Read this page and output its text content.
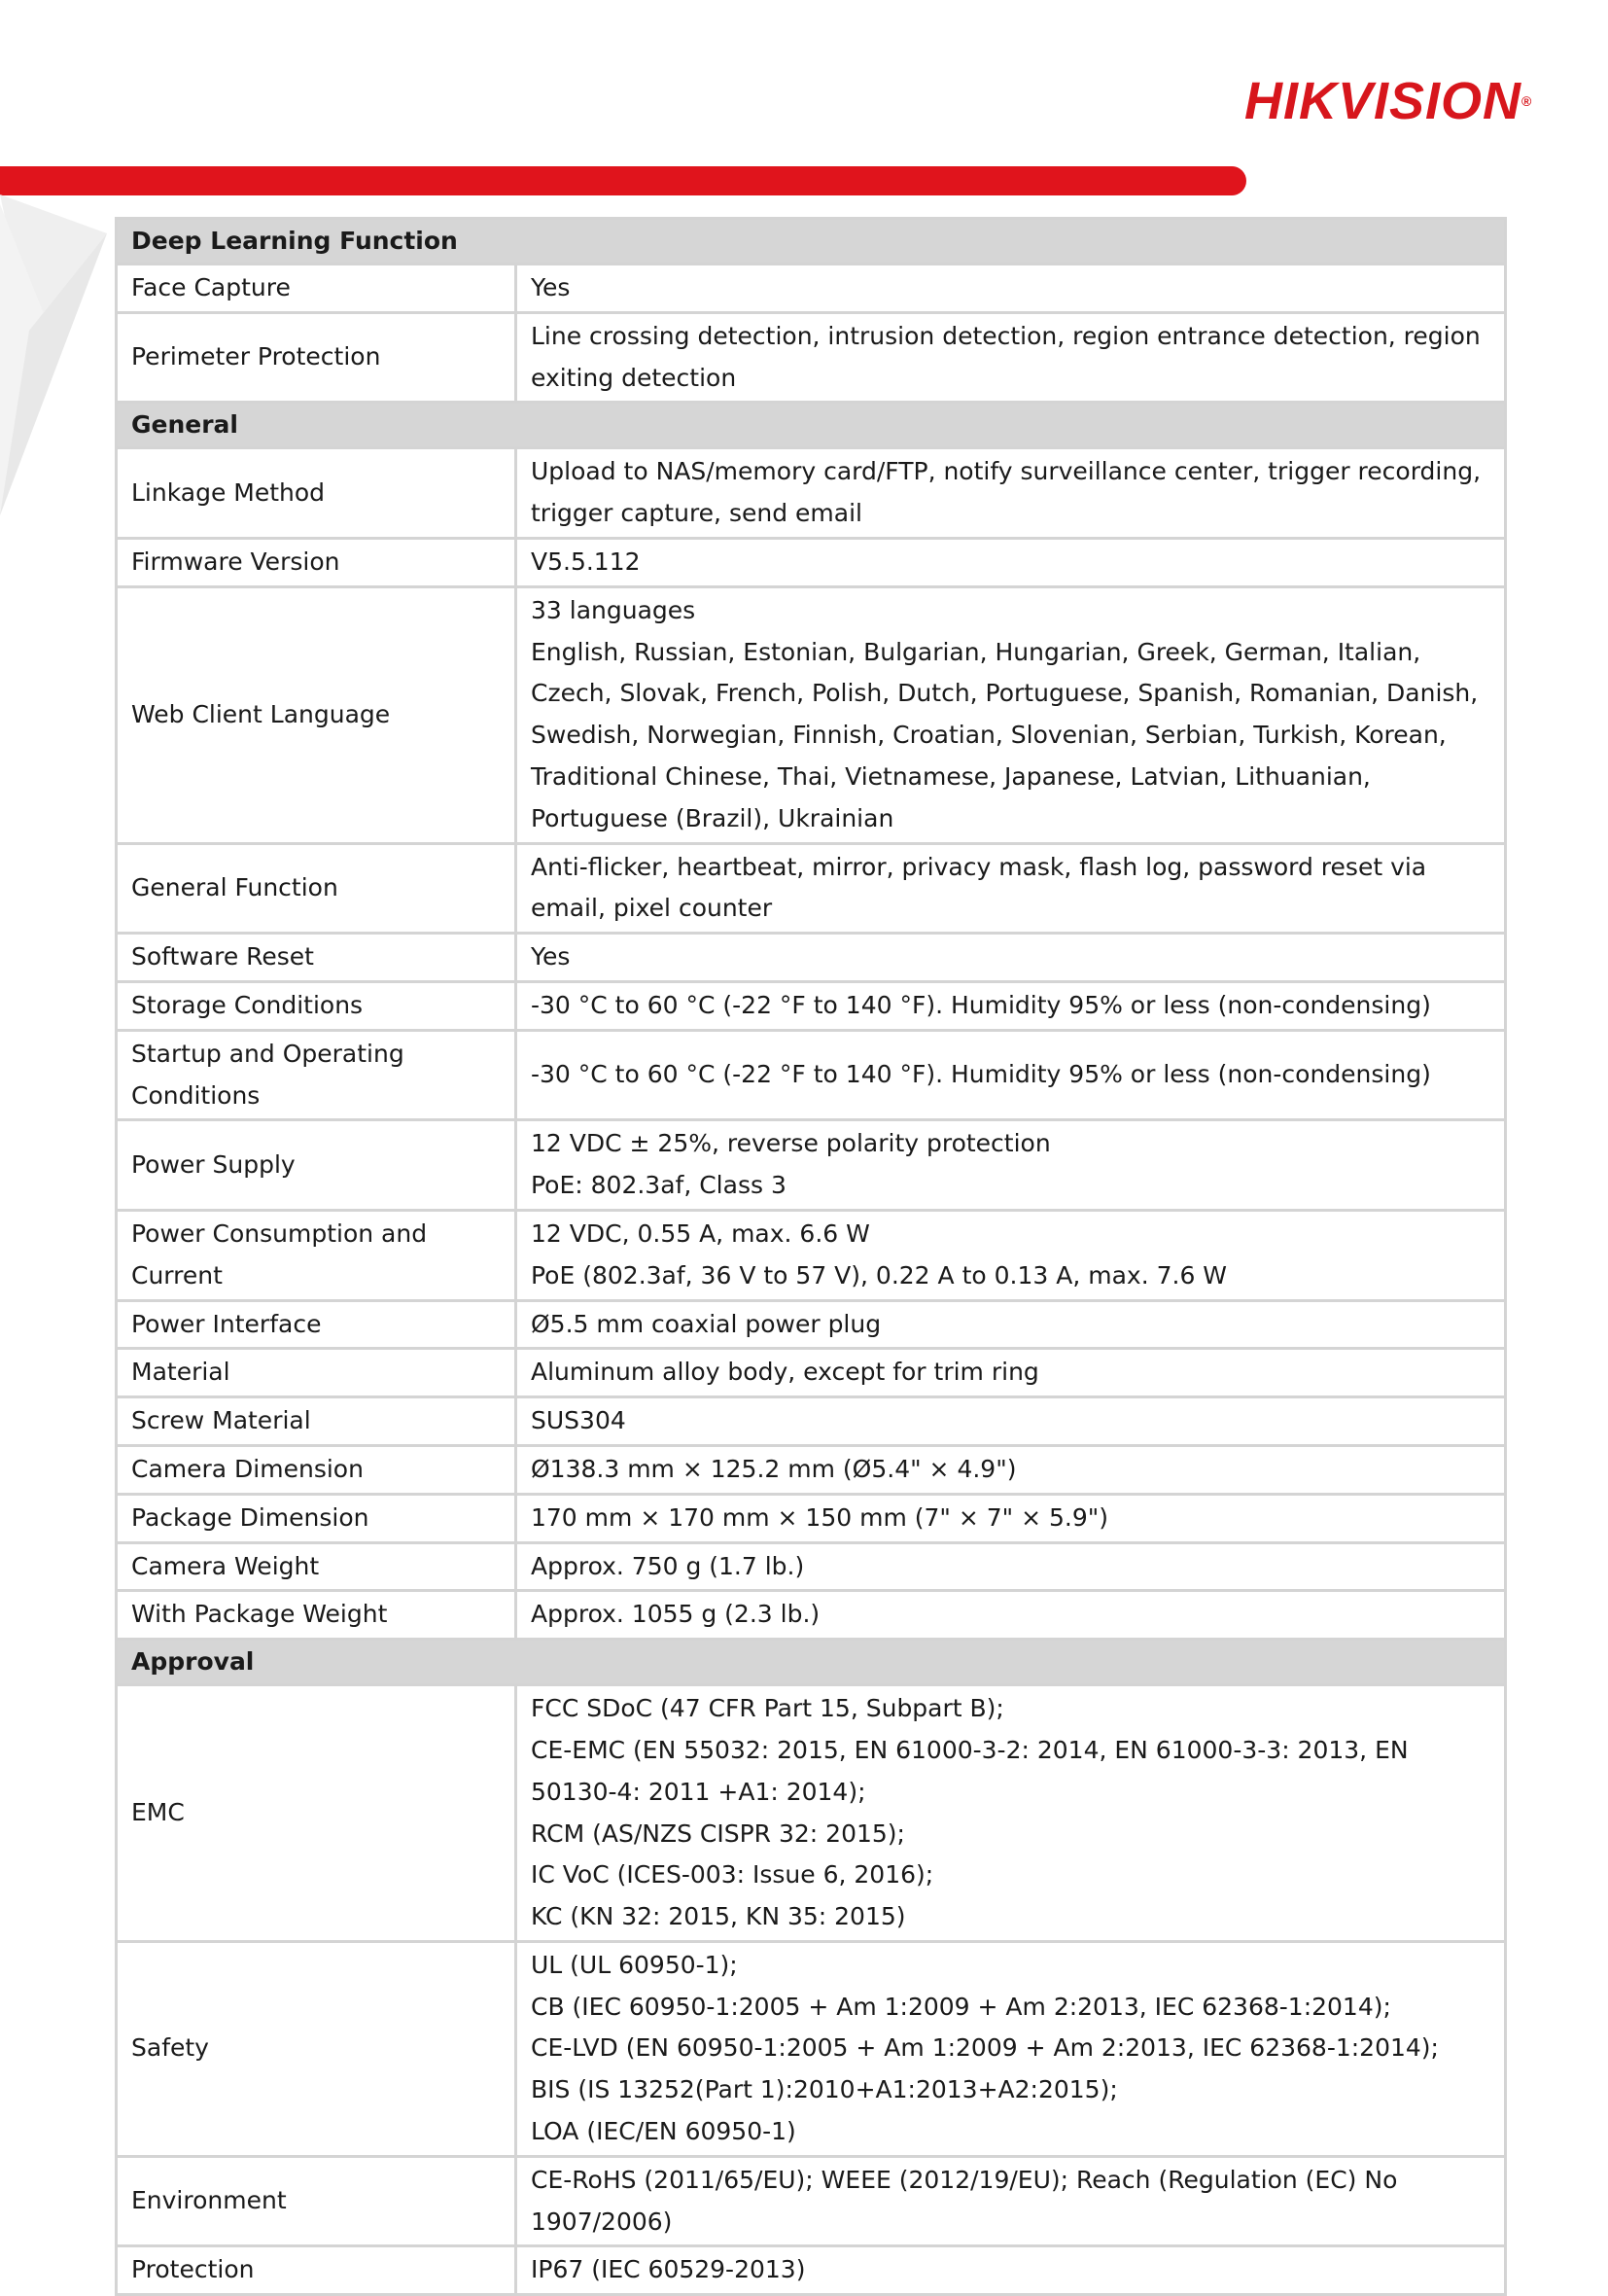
HIKVISION®
Deep Learning Function	
Face Capture	Yes

Perimeter Protection	Line crossing detection, intrusion detection, region entrance detection, region exiting detection

General	
Linkage Method	Upload to NAS/memory card/FTP, notify surveillance center, trigger recording, trigger capture, send email

Firmware Version	V5.5.112

Web Client Language	33 languages
English, Russian, Estonian, Bulgarian, Hungarian, Greek, German, Italian, Czech, Slovak, French, Polish, Dutch, Portuguese, Spanish, Romanian, Danish, Swedish, Norwegian, Finnish, Croatian, Slovenian, Serbian, Turkish, Korean, Traditional Chinese, Thai, Vietnamese, Japanese, Latvian, Lithuanian, Portuguese (Brazil), Ukrainian

General Function	Anti-flicker, heartbeat, mirror, privacy mask, flash log, password reset via email, pixel counter

Software Reset	Yes

Storage Conditions	-30 °C to 60 °C (-22 °F to 140 °F). Humidity 95% or less (non-condensing)

Startup and Operating Conditions	-30 °C to 60 °C (-22 °F to 140 °F). Humidity 95% or less (non-condensing)

Power Supply	12 VDC ± 25%, reverse polarity protection
PoE: 802.3af, Class 3

Power Consumption and Current	12 VDC, 0.55 A, max. 6.6 W
PoE (802.3af, 36 V to 57 V), 0.22 A to 0.13 A, max. 7.6 W

Power Interface	Ø5.5 mm coaxial power plug

Material	Aluminum alloy body, except for trim ring

Screw Material	SUS304

Camera Dimension	Ø138.3 mm × 125.2 mm (Ø5.4" × 4.9")

Package Dimension	170 mm × 170 mm × 150 mm (7" × 7" × 5.9")

Camera Weight	Approx. 750 g (1.7 lb.)

With Package Weight	Approx. 1055 g (2.3 lb.)

Approval	
EMC	FCC SDoC (47 CFR Part 15, Subpart B);
CE-EMC (EN 55032: 2015, EN 61000-3-2: 2014, EN 61000-3-3: 2013, EN 50130-4: 2011 +A1: 2014);
RCM (AS/NZS CISPR 32: 2015);
IC VoC (ICES-003: Issue 6, 2016);
KC (KN 32: 2015, KN 35: 2015)

Safety	UL (UL 60950-1);
CB (IEC 60950-1:2005 + Am 1:2009 + Am 2:2013, IEC 62368-1:2014);
CE-LVD (EN 60950-1:2005 + Am 1:2009 + Am 2:2013, IEC 62368-1:2014);
BIS (IS 13252(Part 1):2010+A1:2013+A2:2015);
LOA (IEC/EN 60950-1)

Environment	CE-RoHS (2011/65/EU); WEEE (2012/19/EU); Reach (Regulation (EC) No 1907/2006)

Protection	IP67 (IEC 60529-2013)
